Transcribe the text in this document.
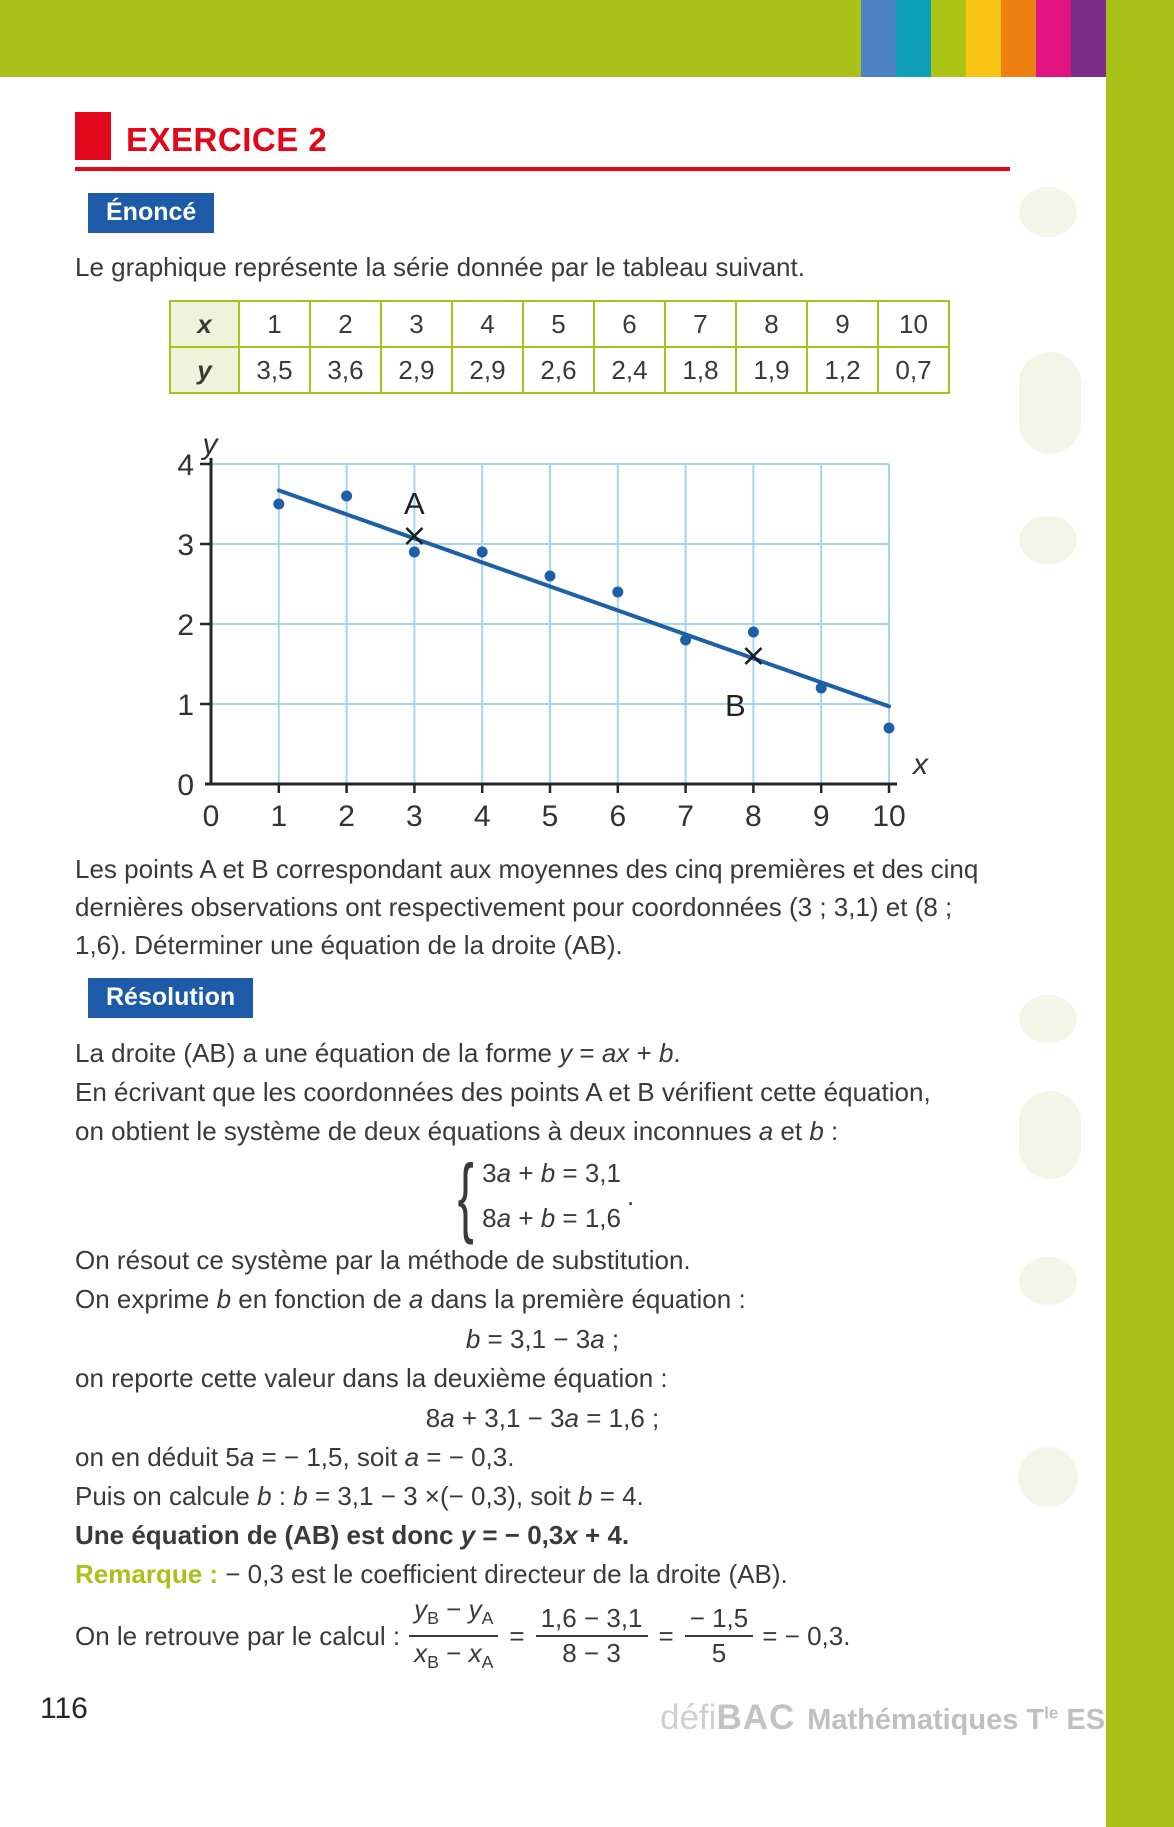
EXERCICE 2
Énoncé

Le graphique représente la série donnée par le tableau suivant.

x	1	2	3	4	5	6	7	8	9	10
y	3,5	3,6	2,9	2,9	2,6	2,4	1,8	1,9	1,2	0,7
0 1 2 3 4 5 6 7 8 9 10
0
1
2
3
4
y
x
A
B

Les points A et B correspondant aux moyennes des cinq premières et des cinq dernières observations ont respectivement pour coordonnées (3 ; 3,1) et (8 ; 1,6). Déterminer une équation de la droite (AB).

Résolution
La droite (AB) a une équation de la forme y = ax + b.
En écrivant que les coordonnées des points A et B vérifient cette équation,
on obtient le système de deux équations à deux inconnues a et b :
{ 3a + b = 3,1
8a + b = 1,6
.
On résout ce système par la méthode de substitution.
On exprime b en fonction de a dans la première équation :
b = 3,1 − 3a ;
on reporte cette valeur dans la deuxième équation :
8a + 3,1 − 3a = 1,6 ;
on en déduit 5a = − 1,5, soit a = − 0,3.
Puis on calcule b : b = 3,1 − 3 ×(− 0,3), soit b = 4.
Une équation de (AB) est donc y = − 0,3x + 4.
Remarque : − 0,3 est le coefficient directeur de la droite (AB).
On le retrouve par le calcul : $\frac{y_B - y_A}{x_B - x_A} = \frac{1,6 - 3,1}{8 - 3} = \frac{- 1,5}{5}$ = − 0,3.
116	défiBAC Mathématiques $T^{le}$ ES
